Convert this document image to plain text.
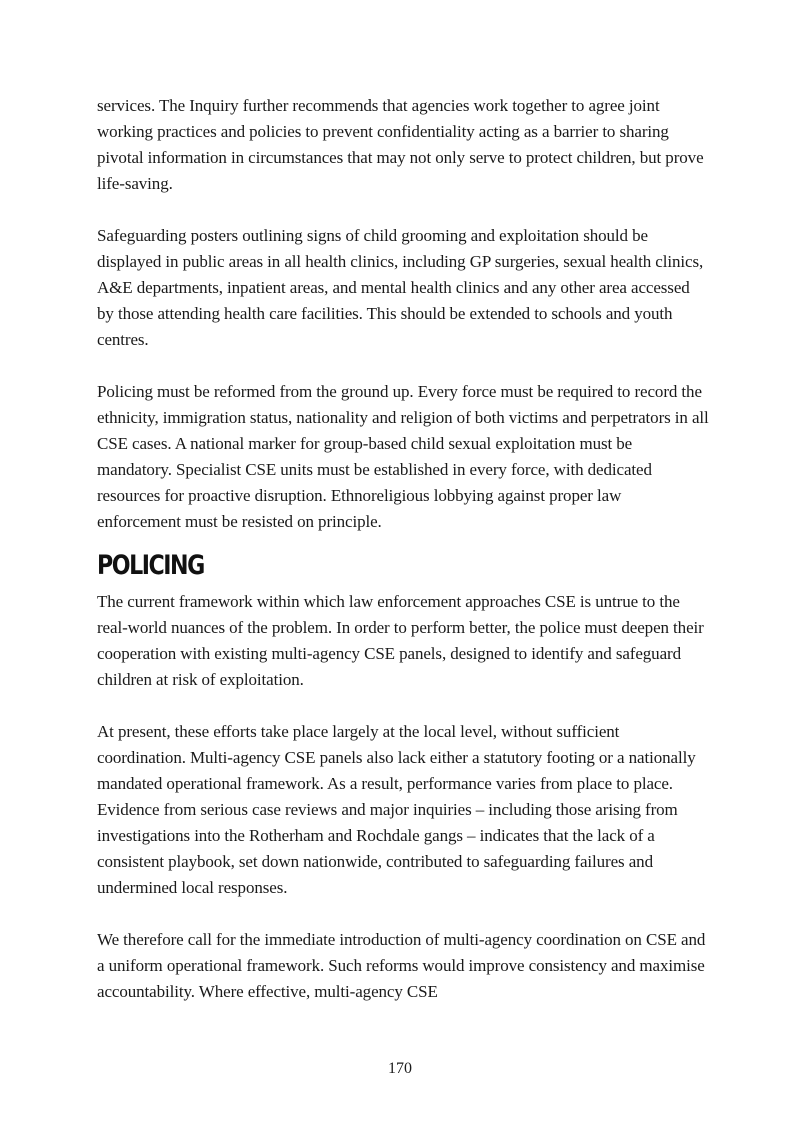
services. The Inquiry further recommends that agencies work together to agree joint working practices and policies to prevent confidentiality acting as a barrier to sharing pivotal information in circumstances that may not only serve to protect children, but prove life-saving.

Safeguarding posters outlining signs of child grooming and exploitation should be displayed in public areas in all health clinics, including GP surgeries, sexual health clinics, A&E departments, inpatient areas, and mental health clinics and any other area accessed by those attending health care facilities. This should be extended to schools and youth centres.

Policing must be reformed from the ground up. Every force must be required to record the ethnicity, immigration status, nationality and religion of both victims and perpetrators in all CSE cases. A national marker for group-based child sexual exploitation must be mandatory. Specialist CSE units must be established in every force, with dedicated resources for proactive disruption. Ethnoreligious lobbying against proper law enforcement must be resisted on principle.

POLICING

The current framework within which law enforcement approaches CSE is untrue to the real-world nuances of the problem. In order to perform better, the police must deepen their cooperation with existing multi-agency CSE panels, designed to identify and safeguard children at risk of exploitation.

At present, these efforts take place largely at the local level, without sufficient coordination. Multi-agency CSE panels also lack either a statutory footing or a nationally mandated operational framework. As a result, performance varies from place to place. Evidence from serious case reviews and major inquiries – including those arising from investigations into the Rotherham and Rochdale gangs – indicates that the lack of a consistent playbook, set down nationwide, contributed to safeguarding failures and undermined local responses.

We therefore call for the immediate introduction of multi-agency coordination on CSE and a uniform operational framework. Such reforms would improve consistency and maximise accountability. Where effective, multi-agency CSE

170
